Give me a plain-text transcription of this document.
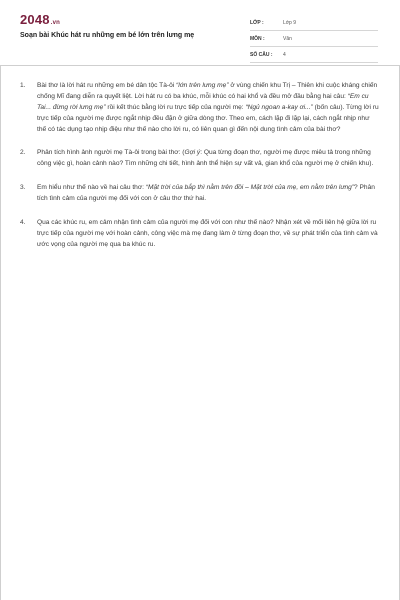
2048.vn
Soạn bài Khúc hát ru những em bé lớn trên lưng mẹ
LỚP :	Lớp 9
MÔN :	Văn
SỐ CÂU :	4
1.	Bài thơ là lời hát ru những em bé dân tộc Tà-ôi “lớn trên lưng mẹ” ở vùng chiến khu Trị – Thiên khi cuộc kháng chiến chống Mĩ đang diễn ra quyết liệt. Lời hát ru có ba khúc, mỗi khúc có hai khổ và đều mở đầu bằng hai câu: “Em cu Tai... đừng rời lưng mẹ” rồi kết thúc bằng lời ru trực tiếp của người mẹ: “Ngủ ngoan a-kay ơi...” (bốn câu). Từng lời ru trực tiếp của người mẹ được ngắt nhịp đều đặn ở giữa dòng thơ. Theo em, cách lặp đi lặp lại, cách ngắt nhịp như thế có tác dụng tạo nhịp điệu như thế nào cho lời ru, có liên quan gì đến nội dung tình cảm của bài thơ?
2.	Phân tích hình ảnh người mẹ Tà-ôi trong bài thơ: (Gợi ý: Qua từng đoạn thơ, người mẹ được miêu tả trong những công việc gì, hoàn cảnh nào? Tìm những chi tiết, hình ảnh thể hiện sự vất vả, gian khổ của người mẹ ở chiến khu).
3.	Em hiểu như thế nào về hai câu thơ: “Mặt trời của bắp thì nằm trên đồi – Mặt trời của mẹ, em nằm trên lưng”? Phân tích tình cảm của người mẹ đối với con ở câu thơ thứ hai.
4.	Qua các khúc ru, em cảm nhận tình cảm của người mẹ đối với con như thế nào? Nhận xét về mối liên hệ giữa lời ru trực tiếp của người mẹ với hoàn cảnh, công việc mà mẹ đang làm ở từng đoạn thơ, về sự phát triển của tình cảm và ước vọng của người mẹ qua ba khúc ru.
